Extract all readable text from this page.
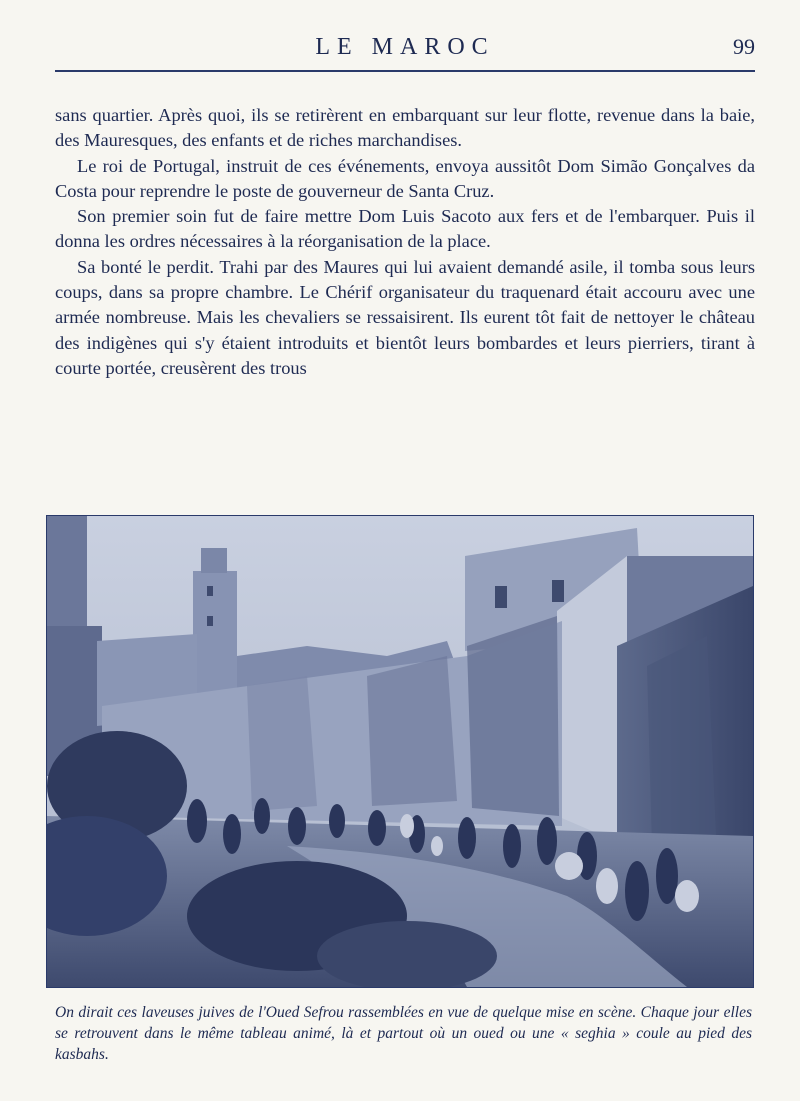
LE MAROC	99

sans quartier. Après quoi, ils se retirèrent en embarquant sur leur flotte, revenue dans la baie, des Mauresques, des enfants et de riches marchandises.

Le roi de Portugal, instruit de ces événements, envoya aussitôt Dom Simão Gonçalves da Costa pour reprendre le poste de gouverneur de Santa Cruz.

Son premier soin fut de faire mettre Dom Luis Sacoto aux fers et de l'embarquer. Puis il donna les ordres nécessaires à la réorganisation de la place.

Sa bonté le perdit. Trahi par des Maures qui lui avaient demandé asile, il tomba sous leurs coups, dans sa propre chambre. Le Chérif organisateur du traquenard était accouru avec une armée nombreuse. Mais les chevaliers se ressaisirent. Ils eurent tôt fait de nettoyer le château des indigènes qui s'y étaient introduits et bientôt leurs bombardes et leurs pierriers, tirant à courte portée, creusèrent des trous

On dirait ces laveuses juives de l'Oued Sefrou rassemblées en vue de quelque mise en scène. Chaque jour elles se retrouvent dans le même tableau animé, là et partout où un oued ou une « seghia » coule au pied des kasbahs.
